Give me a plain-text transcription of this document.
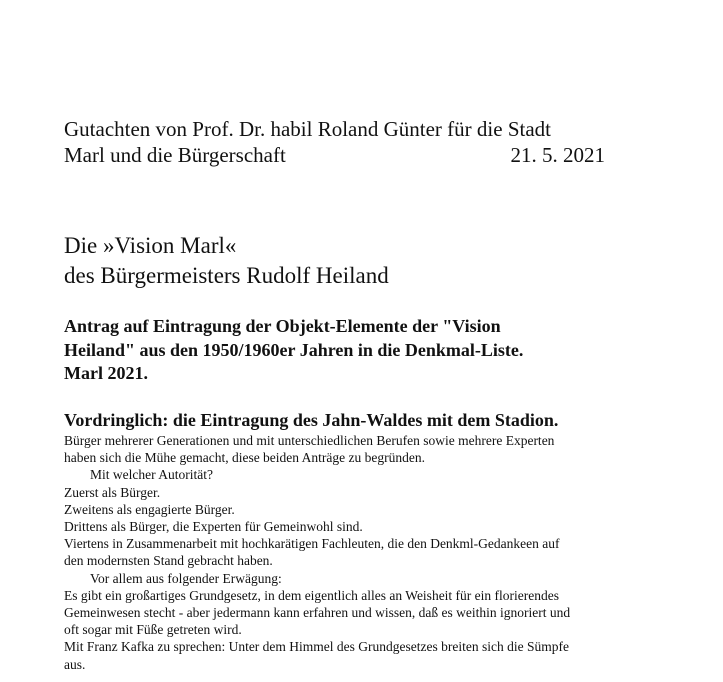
Gutachten von Prof. Dr. habil Roland Günter für die Stadt
Marl und die Bürgerschaft	21. 5. 2021
Die »Vision Marl«
des Bürgermeisters Rudolf Heiland
Antrag auf Eintragung der Objekt-Elemente der "Vision
Heiland" aus den 1950/1960er Jahren in die Denkmal-Liste.
Marl 2021.
Vordringlich: die Eintragung des Jahn-Waldes mit dem Stadion.
Bürger mehrerer Generationen und mit unterschiedlichen Berufen sowie mehrere Experten
haben sich die Mühe gemacht, diese beiden Anträge zu begründen.
Mit welcher Autorität?
Zuerst als Bürger.
Zweitens als engagierte Bürger.
Drittens als Bürger, die Experten für Gemeinwohl sind.
Viertens in Zusammenarbeit mit hochkarätigen Fachleuten, die den Denkml-Gedankeen auf
den modernsten Stand gebracht haben.
Vor allem aus folgender Erwägung:
Es gibt ein großartiges Grundgesetz, in dem eigentlich alles an Weisheit für ein florierendes
Gemeinwesen stecht - aber jedermann kann erfahren und wissen, daß es weithin ignoriert und
oft sogar mit Füße getreten wird.
Mit Franz Kafka zu sprechen: Unter dem Himmel des Grundgesetzes breiten sich die Sümpfe
aus.
